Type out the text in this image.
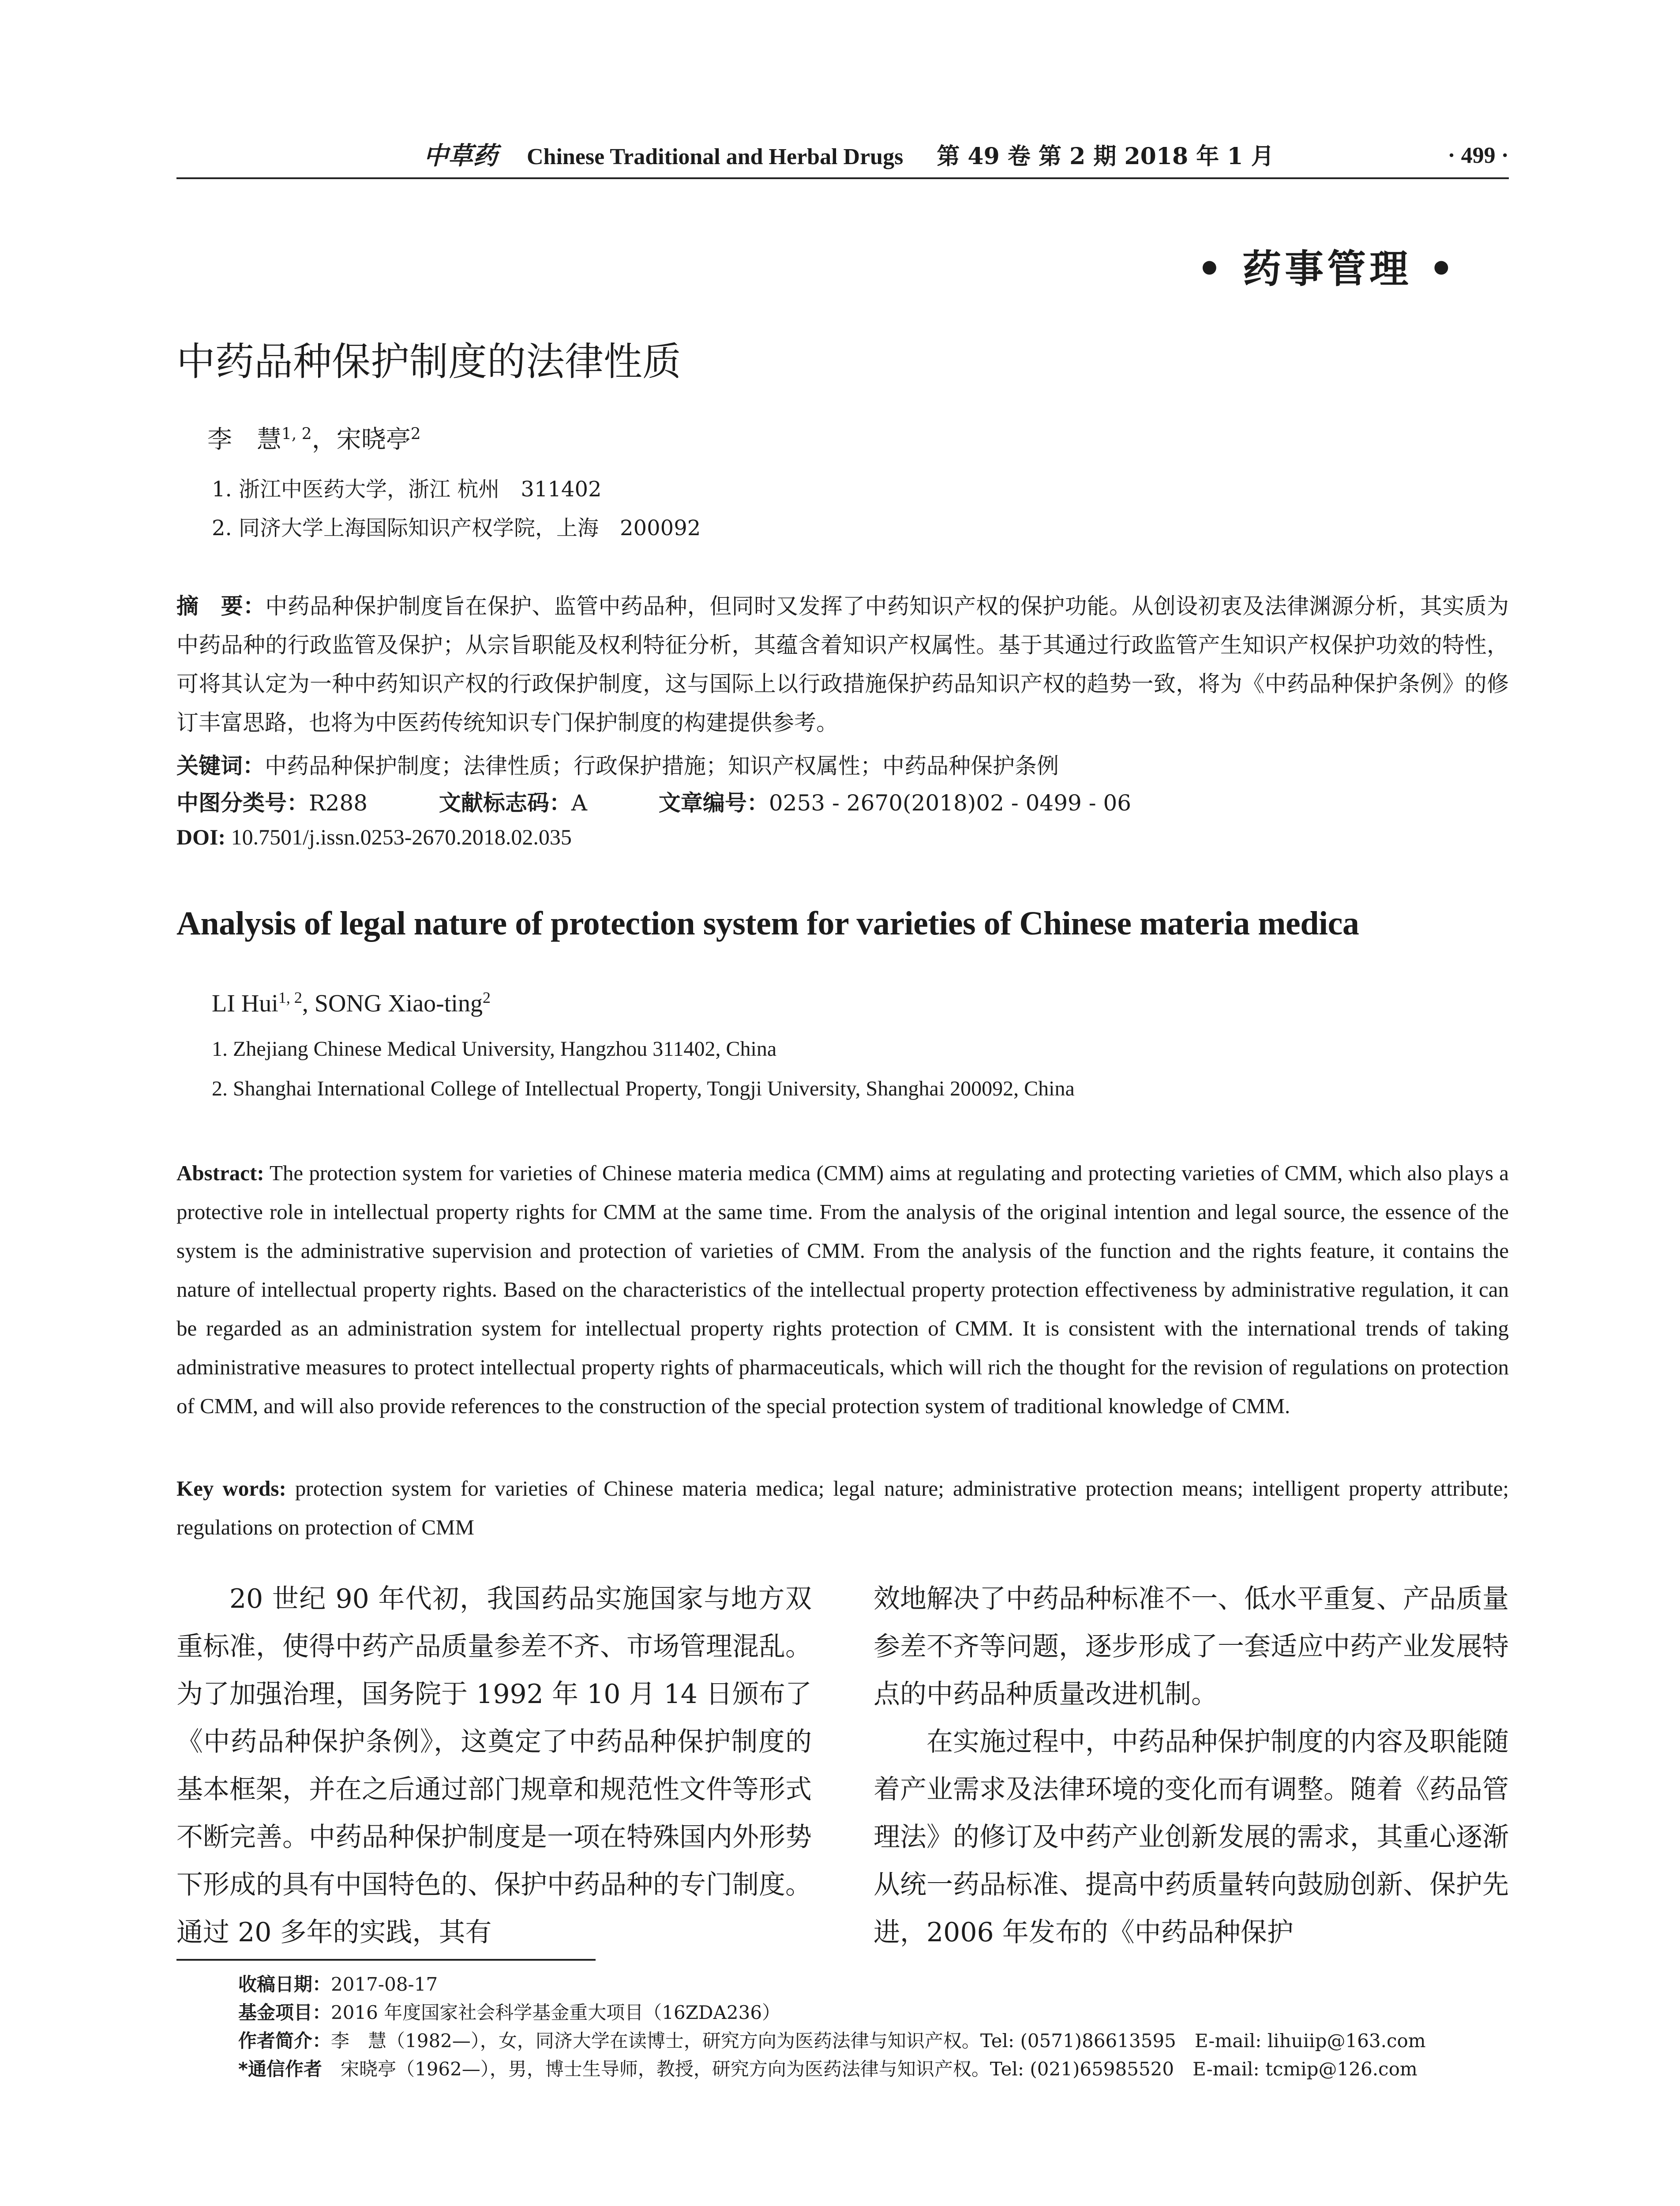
中草药 Chinese Traditional and Herbal Drugs 第 49 卷 第 2 期 2018 年 1 月	· 499 ·
• 药事管理 •
中药品种保护制度的法律性质
李　慧$^{1, 2}$，宋晓亭$^2$
1. 浙江中医药大学，浙江 杭州　311402
2. 同济大学上海国际知识产权学院，上海　200092
摘　要：中药品种保护制度旨在保护、监管中药品种，但同时又发挥了中药知识产权的保护功能。从创设初衷及法律渊源分析，其实质为中药品种的行政监管及保护；从宗旨职能及权利特征分析，其蕴含着知识产权属性。基于其通过行政监管产生知识产权保护功效的特性，可将其认定为一种中药知识产权的行政保护制度，这与国际上以行政措施保护药品知识产权的趋势一致，将为《中药品种保护条例》的修订丰富思路，也将为中医药传统知识专门保护制度的构建提供参考。
关键词：中药品种保护制度；法律性质；行政保护措施；知识产权属性；中药品种保护条例
中图分类号：R288	文献标志码：A	文章编号：0253 - 2670(2018)02 - 0499 - 06
DOI: 10.7501/j.issn.0253-2670.2018.02.035
Analysis of legal nature of protection system for varieties of Chinese materia medica
LI Hui$^{1, 2}$, SONG Xiao-ting$^2$
1. Zhejiang Chinese Medical University, Hangzhou 311402, China
2. Shanghai International College of Intellectual Property, Tongji University, Shanghai 200092, China
Abstract: The protection system for varieties of Chinese materia medica (CMM) aims at regulating and protecting varieties of CMM, which also plays a protective role in intellectual property rights for CMM at the same time. From the analysis of the original intention and legal source, the essence of the system is the administrative supervision and protection of varieties of CMM. From the analysis of the function and the rights feature, it contains the nature of intellectual property rights. Based on the characteristics of the intellectual property protection effectiveness by administrative regulation, it can be regarded as an administration system for intellectual property rights protection of CMM. It is consistent with the international trends of taking administrative measures to protect intellectual property rights of pharmaceuticals, which will rich the thought for the revision of regulations on protection of CMM, and will also provide references to the construction of the special protection system of traditional knowledge of CMM.
Key words: protection system for varieties of Chinese materia medica; legal nature; administrative protection means; intelligent property attribute; regulations on protection of CMM

20 世纪 90 年代初，我国药品实施国家与地方双重标准，使得中药产品质量参差不齐、市场管理混乱。为了加强治理，国务院于 1992 年 10 月 14 日颁布了《中药品种保护条例》，这奠定了中药品种保护制度的基本框架，并在之后通过部门规章和规范性文件等形式不断完善。中药品种保护制度是一项在特殊国内外形势下形成的具有中国特色的、保护中药品种的专门制度。通过 20 多年的实践，其有

效地解决了中药品种标准不一、低水平重复、产品质量参差不齐等问题，逐步形成了一套适应中药产业发展特点的中药品种质量改进机制。

在实施过程中，中药品种保护制度的内容及职能随着产业需求及法律环境的变化而有调整。随着《药品管理法》的修订及中药产业创新发展的需求，其重心逐渐从统一药品标准、提高中药质量转向鼓励创新、保护先进，2006 年发布的《中药品种保护

收稿日期：2017-08-17
基金项目：2016 年度国家社会科学基金重大项目（16ZDA236）
作者简介：李　慧（1982—），女，同济大学在读博士，研究方向为医药法律与知识产权。Tel: (0571)86613595　E-mail: lihuiip@163.com
*通信作者　 宋晓亭（1962—），男，博士生导师，教授，研究方向为医药法律与知识产权。Tel: (021)65985520　E-mail: tcmip@126.com
